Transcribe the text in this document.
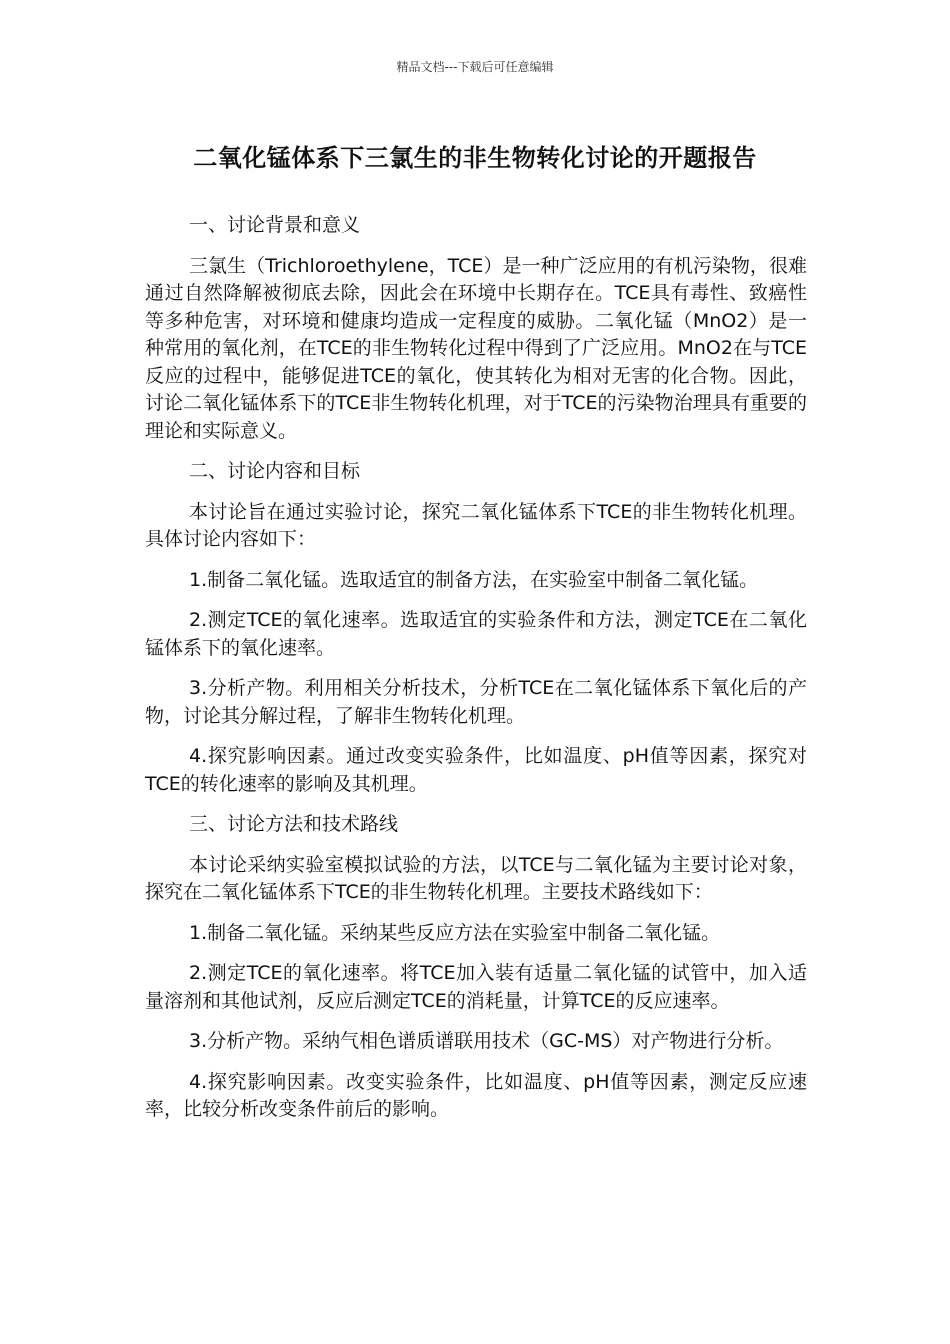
精品文档---下载后可任意编辑
二氧化锰体系下三氯生的非生物转化讨论的开题报告

一、讨论背景和意义

三氯生（Trichloroethylene，TCE）是一种广泛应用的有机污染物，很难通过自然降解被彻底去除，因此会在环境中长期存在。TCE具有毒性、致癌性等多种危害，对环境和健康均造成一定程度的威胁。二氧化锰（MnO2）是一种常用的氧化剂，在TCE的非生物转化过程中得到了广泛应用。MnO2在与TCE反应的过程中，能够促进TCE的氧化，使其转化为相对无害的化合物。因此，讨论二氧化锰体系下的TCE非生物转化机理，对于TCE的污染物治理具有重要的理论和实际意义。

二、讨论内容和目标

本讨论旨在通过实验讨论，探究二氧化锰体系下TCE的非生物转化机理。具体讨论内容如下：

1.制备二氧化锰。选取适宜的制备方法，在实验室中制备二氧化锰。

2.测定TCE的氧化速率。选取适宜的实验条件和方法，测定TCE在二氧化锰体系下的氧化速率。

3.分析产物。利用相关分析技术，分析TCE在二氧化锰体系下氧化后的产物，讨论其分解过程，了解非生物转化机理。

4.探究影响因素。通过改变实验条件，比如温度、pH值等因素，探究对TCE的转化速率的影响及其机理。

三、讨论方法和技术路线

本讨论采纳实验室模拟试验的方法，以TCE与二氧化锰为主要讨论对象，探究在二氧化锰体系下TCE的非生物转化机理。主要技术路线如下：

1.制备二氧化锰。采纳某些反应方法在实验室中制备二氧化锰。

2.测定TCE的氧化速率。将TCE加入装有适量二氧化锰的试管中，加入适量溶剂和其他试剂，反应后测定TCE的消耗量，计算TCE的反应速率。

3.分析产物。采纳气相色谱质谱联用技术（GC-MS）对产物进行分析。

4.探究影响因素。改变实验条件，比如温度、pH值等因素，测定反应速率，比较分析改变条件前后的影响。
